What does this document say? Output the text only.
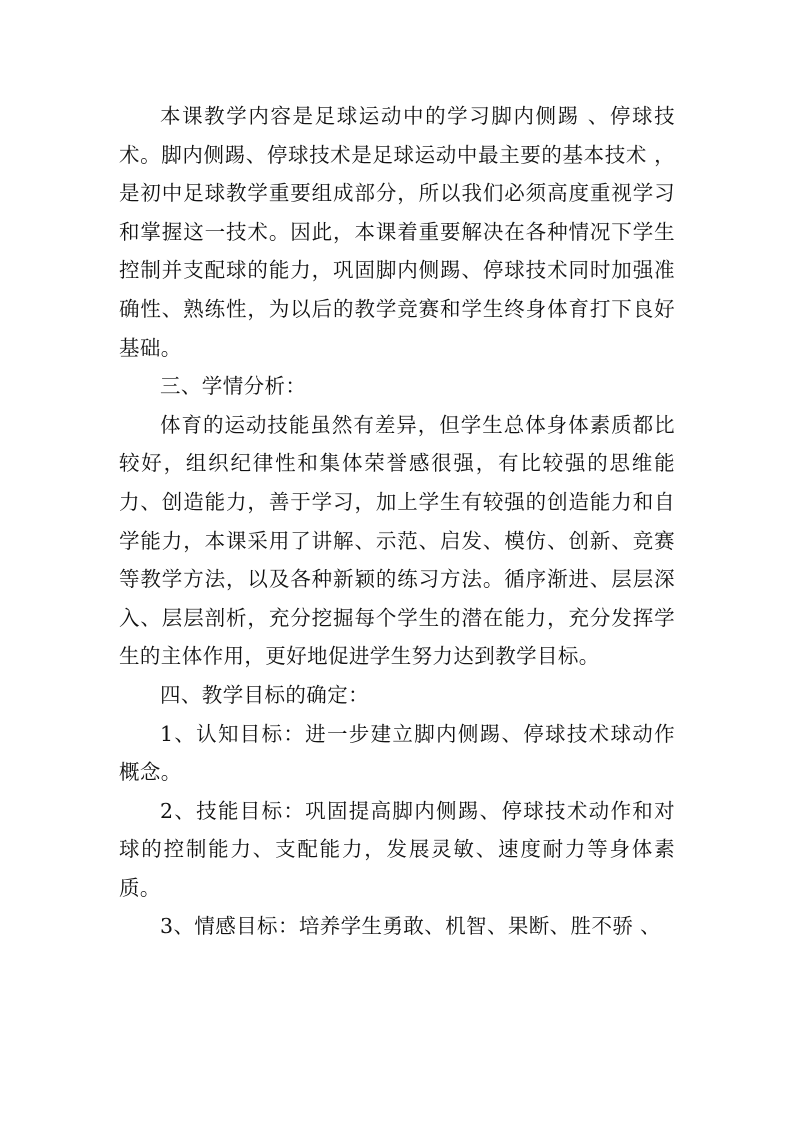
本课教学内容是足球运动中的学习脚内侧踢 、停球技术。脚内侧踢、停球技术是足球运动中最主要的基本技术 ，是初中足球教学重要组成部分，所以我们必须高度重视学习和掌握这一技术。因此，本课着重要解决在各种情况下学生控制并支配球的能力，巩固脚内侧踢、停球技术同时加强准确性、熟练性，为以后的教学竞赛和学生终身体育打下良好基础。

三、学情分析：

体育的运动技能虽然有差异，但学生总体身体素质都比较好，组织纪律性和集体荣誉感很强，有比较强的思维能力、创造能力，善于学习，加上学生有较强的创造能力和自学能力，本课采用了讲解、示范、启发、模仿、创新、竞赛等教学方法，以及各种新颖的练习方法。循序渐进、层层深入、层层剖析，充分挖掘每个学生的潜在能力，充分发挥学生的主体作用，更好地促进学生努力达到教学目标。

四、教学目标的确定：

1、认知目标：进一步建立脚内侧踢、停球技术球动作概念。

2、技能目标：巩固提高脚内侧踢、停球技术动作和对球的控制能力、支配能力，发展灵敏、速度耐力等身体素质。

3、情感目标：培养学生勇敢、机智、果断、胜不骄 、
